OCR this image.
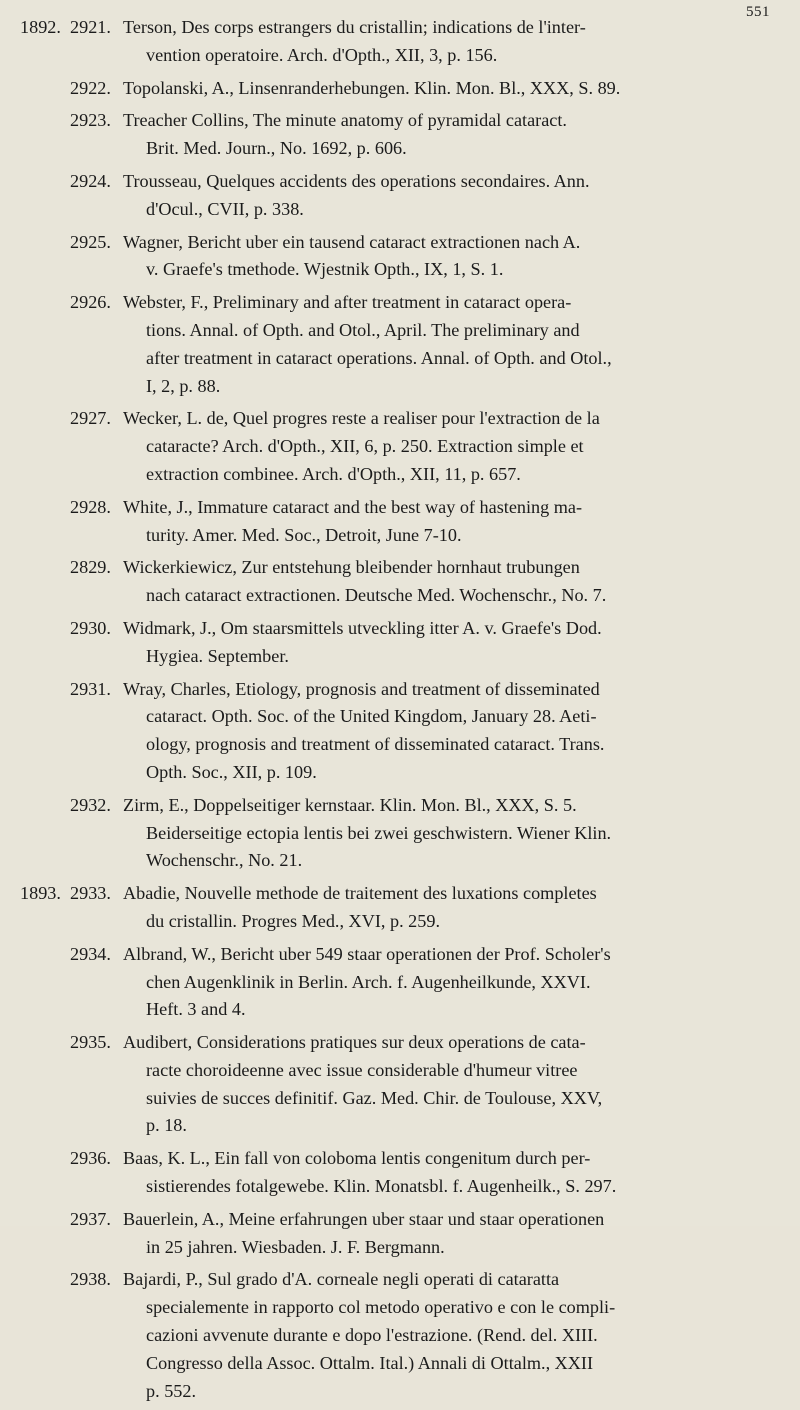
551
1892. 2921. Terson, Des corps estrangers du cristallin; indications de l'inter-
vention operatoire. Arch. d'Opth., XII, 3, p. 156.
2922. Topolanski, A., Linsenranderhebungen. Klin. Mon. Bl., XXX, S. 89.
2923. Treacher Collins, The minute anatomy of pyramidal cataract.
Brit. Med. Journ., No. 1692, p. 606.
2924. Trousseau, Quelques accidents des operations secondaires. Ann.
d'Ocul., CVII, p. 338.
2925. Wagner, Bericht uber ein tausend cataract extractionen nach A.
v. Graefe's tmethode. Wjestnik Opth., IX, 1, S. 1.
2926. Webster, F., Preliminary and after treatment in cataract opera-
tions. Annal. of Opth. and Otol., April. The preliminary and
after treatment in cataract operations. Annal. of Opth. and Otol.,
I, 2, p. 88.
2927. Wecker, L. de, Quel progres reste a realiser pour l'extraction de la
cataracte? Arch. d'Opth., XII, 6, p. 250. Extraction simple et
extraction combinee. Arch. d'Opth., XII, 11, p. 657.
2928. White, J., Immature cataract and the best way of hastening ma-
turity. Amer. Med. Soc., Detroit, June 7-10.
2829. Wickerkiewicz, Zur entstehung bleibender hornhaut trubungen
nach cataract extractionen. Deutsche Med. Wochenschr., No. 7.
2930. Widmark, J., Om staarsmittels utveckling itter A. v. Graefe's Dod.
Hygiea. September.
2931. Wray, Charles, Etiology, prognosis and treatment of disseminated
cataract. Opth. Soc. of the United Kingdom, January 28. Aeti-
ology, prognosis and treatment of disseminated cataract. Trans.
Opth. Soc., XII, p. 109.
2932. Zirm, E., Doppelseitiger kernstaar. Klin. Mon. Bl., XXX, S. 5.
Beiderseitige ectopia lentis bei zwei geschwistern. Wiener Klin.
Wochenschr., No. 21.
1893. 2933. Abadie, Nouvelle methode de traitement des luxations completes
du cristallin. Progres Med., XVI, p. 259.
2934. Albrand, W., Bericht uber 549 staar operationen der Prof. Scholer's
chen Augenklinik in Berlin. Arch. f. Augenheilkunde, XXVI.
Heft. 3 and 4.
2935. Audibert, Considerations pratiques sur deux operations de cata-
racte choroideenne avec issue considerable d'humeur vitree
suivies de succes definitif. Gaz. Med. Chir. de Toulouse, XXV,
p. 18.
2936. Baas, K. L., Ein fall von coloboma lentis congenitum durch per-
sistierendes fotalgewebe. Klin. Monatsbl. f. Augenheilk., S. 297.
2937. Bauerlein, A., Meine erfahrungen uber staar und staar operationen
in 25 jahren. Wiesbaden. J. F. Bergmann.
2938. Bajardi, P., Sul grado d'A. corneale negli operati di cataratta
specialemente in rapporto col metodo operativo e con le compli-
cazioni avvenute durante e dopo l'estrazione. (Rend. del. XIII.
Congresso della Assoc. Ottalm. Ital.) Annali di Ottalm., XXII
p. 552.
